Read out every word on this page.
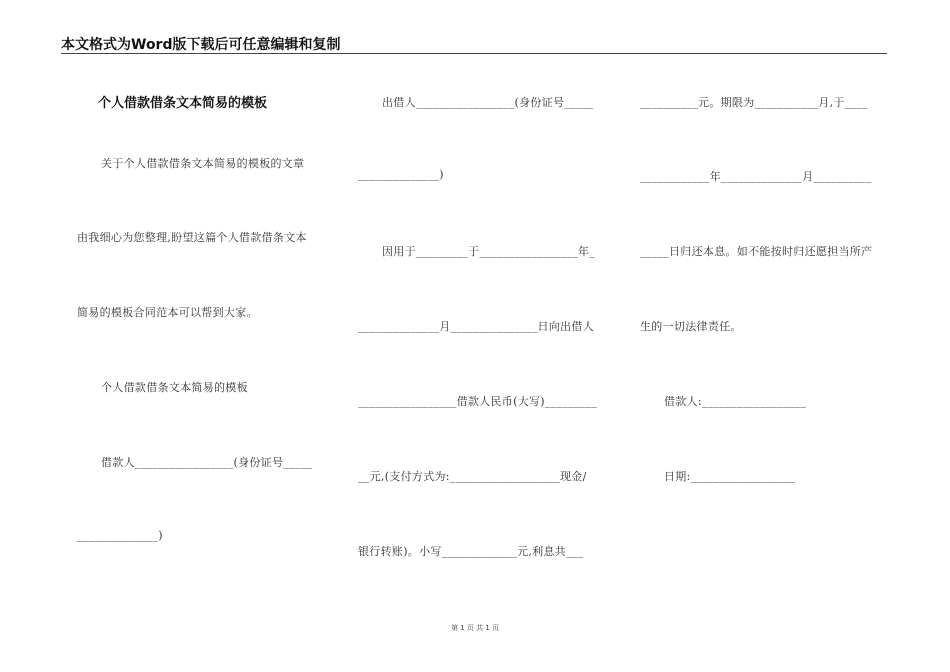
本文格式为Word版下载后可任意编辑和复制
个人借款借条文本简易的模板
关于个人借款借条文本简易的模板的文章
由我细心为您整理,盼望这篇个人借款借条文本
简易的模板合同范本可以帮到大家。
个人借款借条文本简易的模板
借款人_________________(身份证号_____
______________)
出借人_________________(身份证号_____
______________)
因用于_________于_________________年_
______________月_______________日向出借人
_________________借款人民币(大写)_________
__元,(支付方式为:___________________现金/
银行转账)。小写_____________元,利息共___
__________元。期限为___________月,于____
____________年______________月__________
_____日归还本息。如不能按时归还愿担当所产
生的一切法律责任。
借款人:__________________
日期:__________________
第 1 页 共 1 页
